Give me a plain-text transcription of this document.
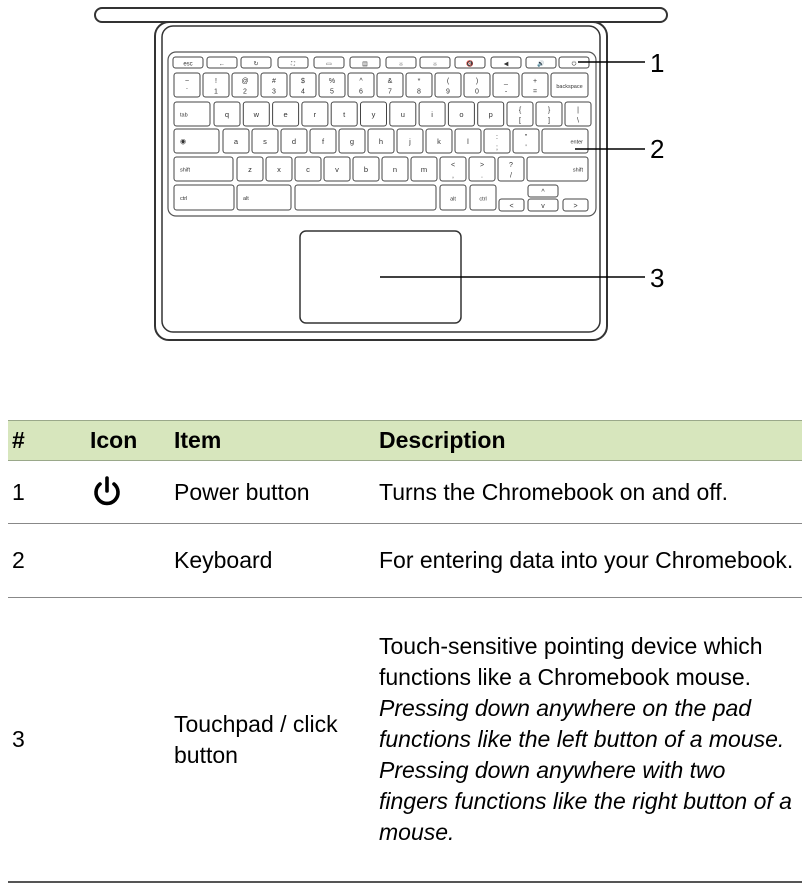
esc	←	↻	⛶	▭	▤	☼	☼	🔇	◀	🔊	⏻
~
`
!
1
@
2
#
3
$
4
%
5
^
6
&
7
*
8
(
9
)
0
_
-
+
=
backspace
tab	q	w	e	r	t	y	u	i	o	p	{
[
}
]
|
\
◉	a	s	d	f	g	h	j	k	l	:
;
"
'
enter
shift	z	x	c	v	b	n	m	<
,
>
.
?
/
shift
ctrl	alt	alt	ctrl
<
^
v	>
1
2
3
#	Icon	Item	Description
1		Power button	Turns the Chromebook on and off.

2		Keyboard	For entering data into your Chromebook.

3		Touchpad / click button	Touch-sensitive pointing device which functions like a Chromebook mouse.

Pressing down anywhere on the pad functions like the left button of a mouse.

Pressing down anywhere with two fingers functions like the right button of a mouse.
